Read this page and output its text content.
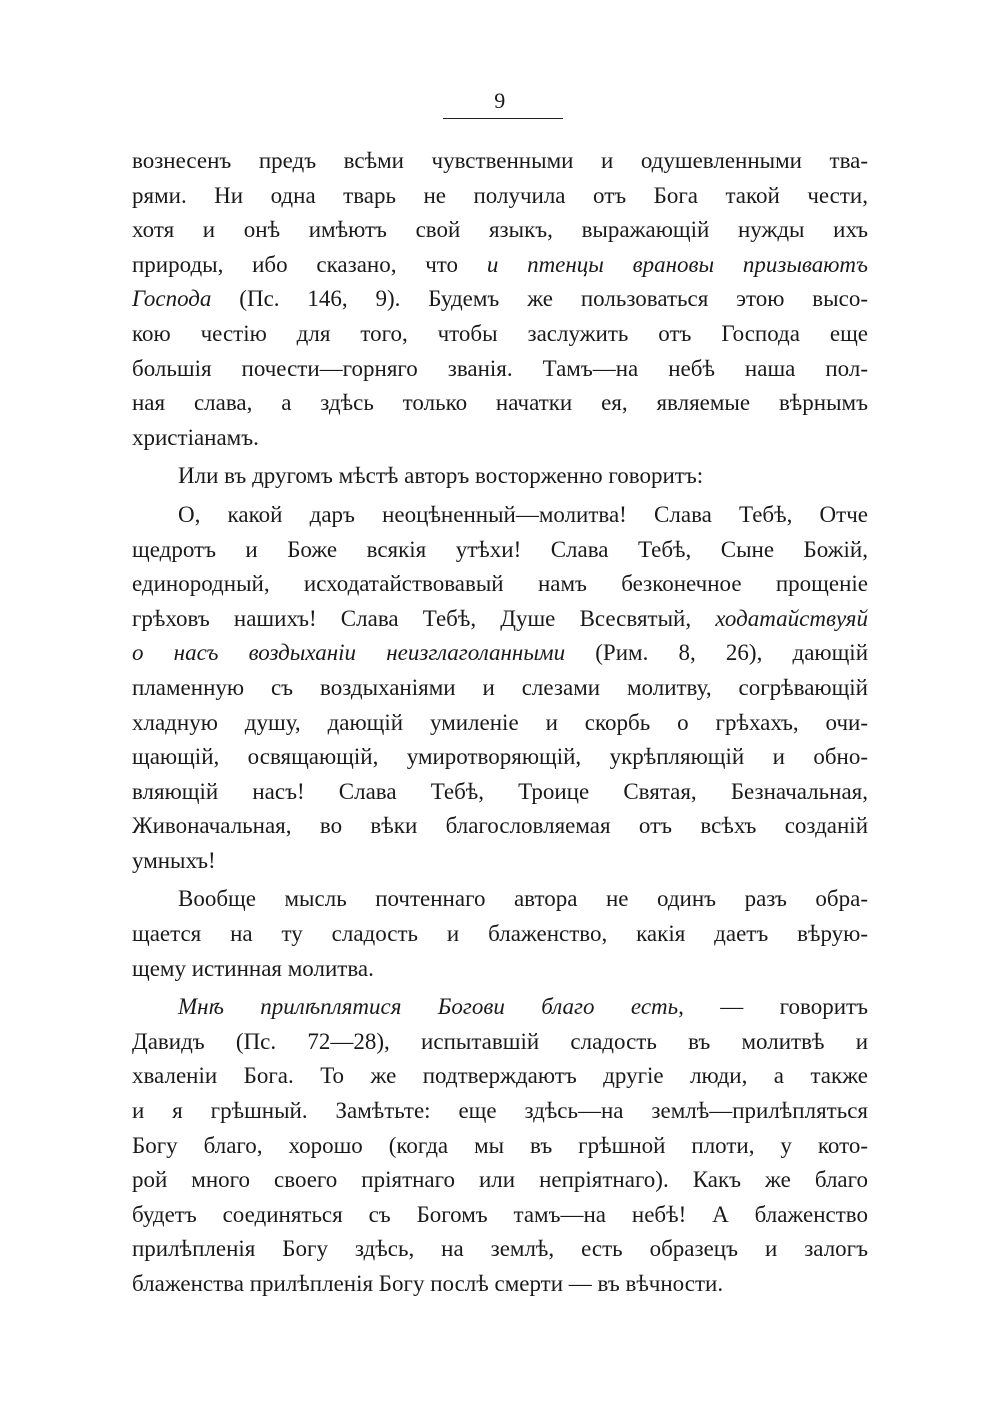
9
вознесенъ предъ всѣми чувственными и одушевленными тва-
рями. Ни одна тварь не получила отъ Бога такой чести,
хотя и онѣ имѣютъ свой языкъ, выражающій нужды ихъ
природы, ибо сказано, что и птенцы врановы призываютъ
Господа (Пс. 146, 9). Будемъ же пользоваться этою высо-
кою честію для того, чтобы заслужить отъ Господа еще
большія почести—горняго званія. Тамъ—на небѣ наша пол-
ная слава, а здѣсь только начатки ея, являемые вѣрнымъ
христіанамъ.
Или въ другомъ мѣстѣ авторъ восторженно говоритъ:
О, какой даръ неоцѣненный—молитва! Слава Тебѣ, Отче
щедротъ и Боже всякія утѣхи! Слава Тебѣ, Сыне Божій,
единородный, исходатайствовавый намъ безконечное прощеніе
грѣховъ нашихъ! Слава Тебѣ, Душе Всесвятый, ходатайствуяй
о насъ воздыханіи неизглаголанными (Рим. 8, 26), дающій
пламенную съ воздыханіями и слезами молитву, согрѣвающій
хладную душу, дающій умиленіе и скорбь о грѣхахъ, очи-
щающій, освящающій, умиротворяющій, укрѣпляющій и обно-
вляющій насъ! Слава Тебѣ, Троице Святая, Безначальная,
Живоначальная, во вѣки благословляемая отъ всѣхъ созданій
умныхъ!
Вообще мысль почтеннаго автора не одинъ разъ обра-
щается на ту сладость и блаженство, какія даетъ вѣрую-
щему истинная молитва.
Мнѣ прилѣплятися Богови благо есть, — говоритъ
Давидъ (Пс. 72—28), испытавшій сладость въ молитвѣ и
хваленіи Бога. То же подтверждаютъ другіе люди, а также
и я грѣшный. Замѣтьте: еще здѣсь—на землѣ—прилѣпляться
Богу благо, хорошо (когда мы въ грѣшной плоти, у кото-
рой много своего пріятнаго или непріятнаго). Какъ же благо
будетъ соединяться съ Богомъ тамъ—на небѣ! А блаженство
прилѣпленія Богу здѣсь, на землѣ, есть образецъ и залогъ
блаженства прилѣпленія Богу послѣ смерти — въ вѣчности.
